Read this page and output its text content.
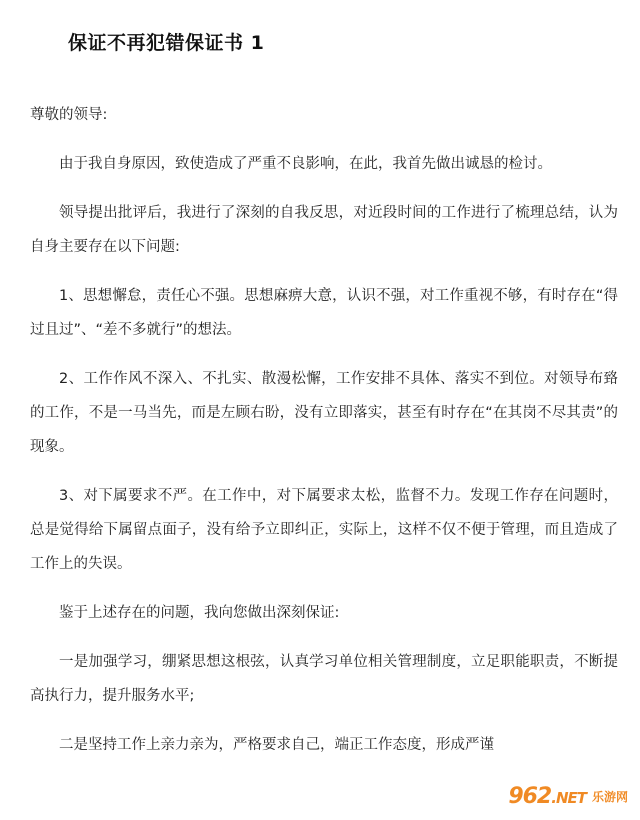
保证不再犯错保证书 1

尊敬的领导:

由于我自身原因，致使造成了严重不良影响，在此，我首先做出诚恳的检讨。

领导提出批评后，我进行了深刻的自我反思，对近段时间的工作进行了梳理总结，认为自身主要存在以下问题:

1、思想懈怠，责任心不强。思想麻痹大意，认识不强，对工作重视不够，有时存在“得过且过”、“差不多就行”的想法。

2、工作作风不深入、不扎实、散漫松懈，工作安排不具体、落实不到位。对领导布臵的工作，不是一马当先，而是左顾右盼，没有立即落实，甚至有时存在“在其岗不尽其责”的现象。

3、对下属要求不严。在工作中，对下属要求太松，监督不力。发现工作存在问题时，总是觉得给下属留点面子，没有给予立即纠正，实际上，这样不仅不便于管理，而且造成了工作上的失误。

鉴于上述存在的问题，我向您做出深刻保证:

一是加强学习，绷紧思想这根弦，认真学习单位相关管理制度，立足职能职责，不断提高执行力，提升服务水平;

二是坚持工作上亲力亲为，严格要求自己，端正工作态度，形成严谨

962.NET 乐游网
